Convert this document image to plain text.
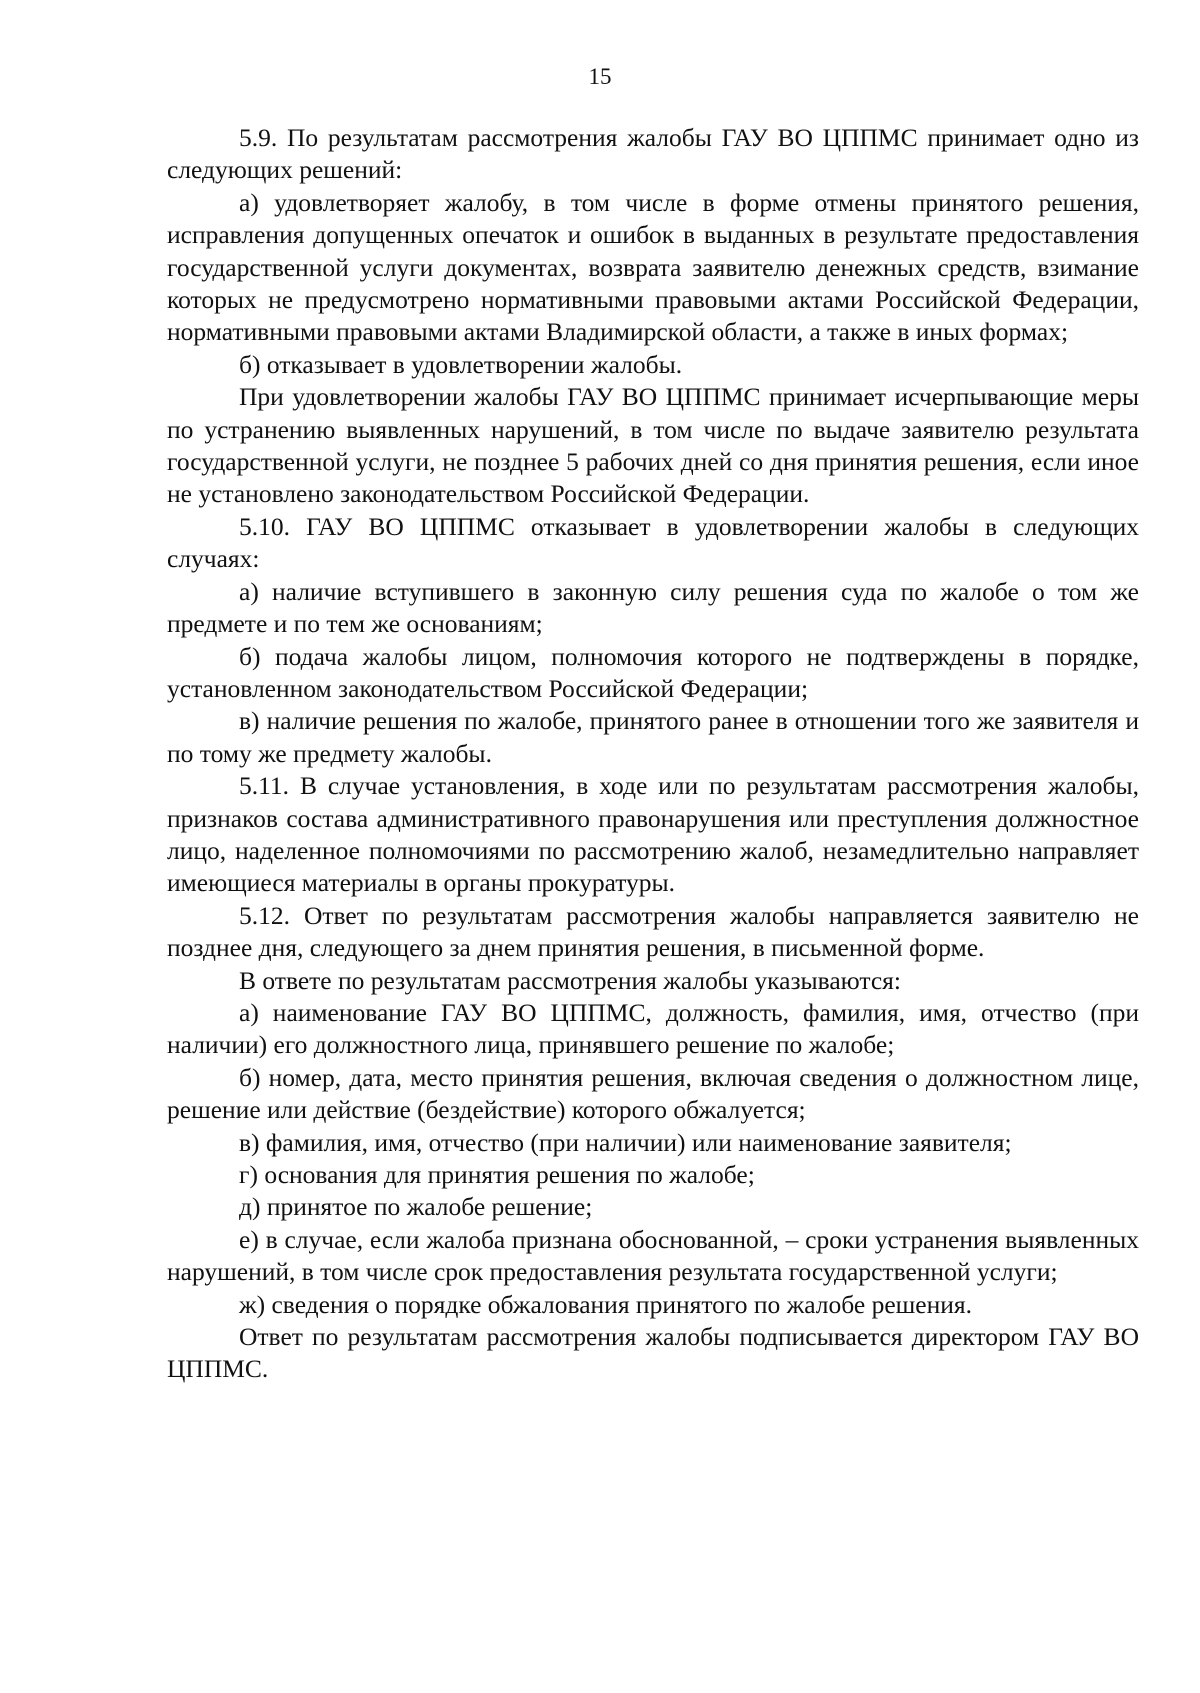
15

5.9. По результатам рассмотрения жалобы ГАУ ВО ЦППМС принимает одно из следующих решений:

а) удовлетворяет жалобу, в том числе в форме отмены принятого решения, исправления допущенных опечаток и ошибок в выданных в результате предоставления государственной услуги документах, возврата заявителю денежных средств, взимание которых не предусмотрено нормативными правовыми актами Российской Федерации, нормативными правовыми актами Владимирской области, а также в иных формах;

б) отказывает в удовлетворении жалобы.

При удовлетворении жалобы ГАУ ВО ЦППМС принимает исчерпывающие меры по устранению выявленных нарушений, в том числе по выдаче заявителю результата государственной услуги, не позднее 5 рабочих дней со дня принятия решения, если иное не установлено законодательством Российской Федерации.

5.10. ГАУ ВО ЦППМС отказывает в удовлетворении жалобы в следующих случаях:

а) наличие вступившего в законную силу решения суда по жалобе о том же предмете и по тем же основаниям;

б) подача жалобы лицом, полномочия которого не подтверждены в порядке, установленном законодательством Российской Федерации;

в) наличие решения по жалобе, принятого ранее в отношении того же заявителя и по тому же предмету жалобы.

5.11. В случае установления, в ходе или по результатам рассмотрения жалобы, признаков состава административного правонарушения или преступления должностное лицо, наделенное полномочиями по рассмотрению жалоб, незамедлительно направляет имеющиеся материалы в органы прокуратуры.

5.12. Ответ по результатам рассмотрения жалобы направляется заявителю не позднее дня, следующего за днем принятия решения, в письменной форме.

В ответе по результатам рассмотрения жалобы указываются:

а) наименование ГАУ ВО ЦППМС, должность, фамилия, имя, отчество (при наличии) его должностного лица, принявшего решение по жалобе;

б) номер, дата, место принятия решения, включая сведения о должностном лице, решение или действие (бездействие) которого обжалуется;

в) фамилия, имя, отчество (при наличии) или наименование заявителя;

г) основания для принятия решения по жалобе;

д) принятое по жалобе решение;

е) в случае, если жалоба признана обоснованной, – сроки устранения выявленных нарушений, в том числе срок предоставления результата государственной услуги;

ж) сведения о порядке обжалования принятого по жалобе решения.

Ответ по результатам рассмотрения жалобы подписывается директором ГАУ ВО ЦППМС.
